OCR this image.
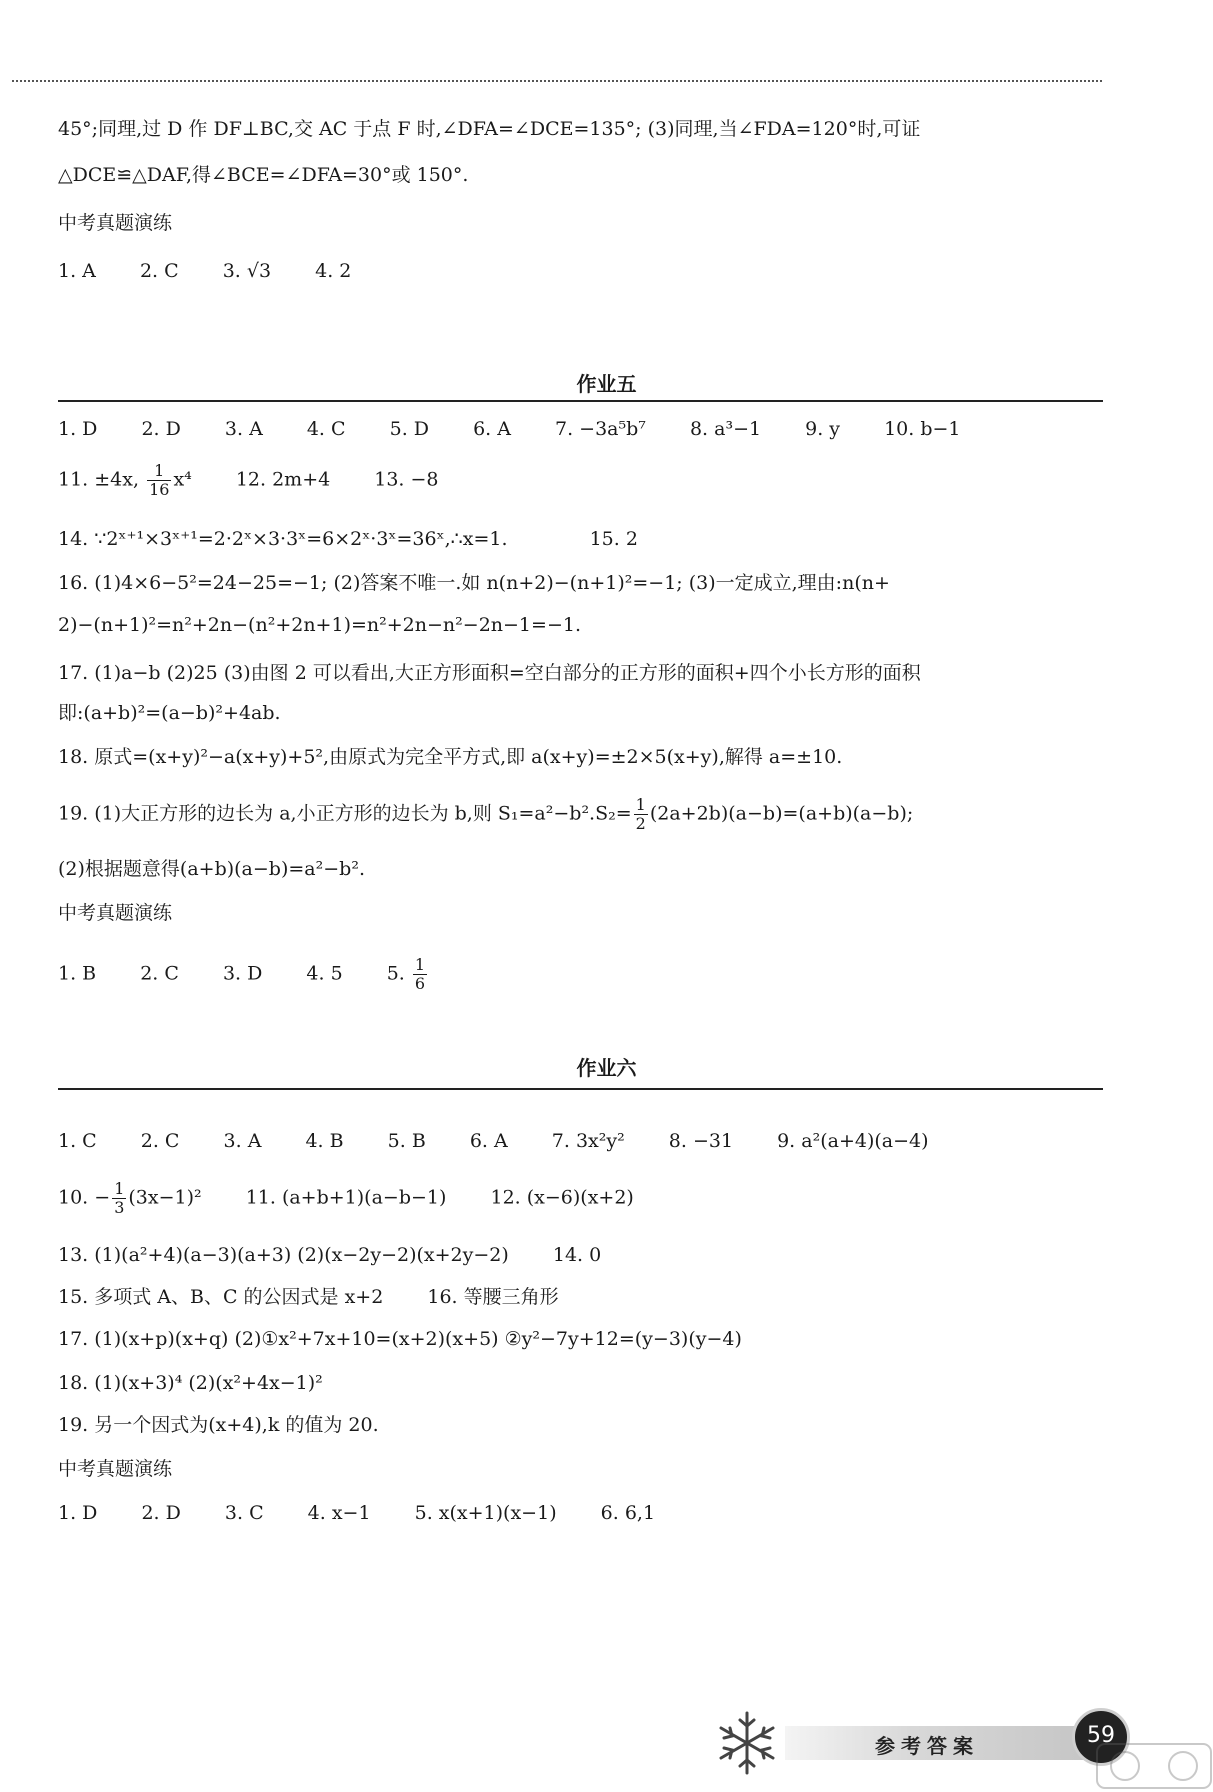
45°;同理,过 D 作 DF⊥BC,交 AC 于点 F 时,∠DFA=∠DCE=135°; (3)同理,当∠FDA=120°时,可证
△DCE≌△DAF,得∠BCE=∠DFA=30°或 150°.
中考真题演练
1. A 2. C 3. √3 4. 2
作业五
1. D 2. D 3. A 4. C 5. D 6. A 7. −3a⁵b⁷ 8. a³−1 9. y 10. b−1
11. ±4x, $\frac{1}{16} x^4$ 12. 2m+4 13. −8
14. ∵2ˣ⁺¹×3ˣ⁺¹=2·2ˣ×3·3ˣ=6×2ˣ·3ˣ=36ˣ,∴x=1.	15. 2
16. (1)4×6−5²=24−25=−1; (2)答案不唯一.如 n(n+2)−(n+1)²=−1; (3)一定成立,理由:n(n+
2)−(n+1)²=n²+2n−(n²+2n+1)=n²+2n−n²−2n−1=−1.
17. (1)a−b (2)25 (3)由图 2 可以看出,大正方形面积=空白部分的正方形的面积+四个小长方形的面积
即:(a+b)²=(a−b)²+4ab.
18. 原式=(x+y)²−a(x+y)+5²,由原式为完全平方式,即 a(x+y)=±2×5(x+y),解得 a=±10.
19. (1)大正方形的边长为 a,小正方形的边长为 b,则 $S_1=a^2-b^2.S_2= \frac{1}{2} (2a+2b)(a-b)=(a+b)(a-b)$;
(2)根据题意得(a+b)(a−b)=a²−b².
中考真题演练
1. B 2. C 3. D 4. 5 5. $\frac{1}{6}$
作业六
1. C 2. C 3. A 4. B 5. B 6. A 7. 3x²y² 8. −31 9. a²(a+4)(a−4)
10. − $\frac{1}{3} (3x-1)^2$ 11. (a+b+1)(a−b−1) 12. (x−6)(x+2)
13. (1)(a²+4)(a−3)(a+3) (2)(x−2y−2)(x+2y−2) 14. 0
15. 多项式 A、B、C 的公因式是 x+2 16. 等腰三角形
17. (1)(x+p)(x+q) (2)①x²+7x+10=(x+2)(x+5) ②y²−7y+12=(y−3)(y−4)
18. (1)(x+3)⁴ (2)(x²+4x−1)²
19. 另一个因式为(x+4),k 的值为 20.
中考真题演练
1. D 2. D 3. C 4. x−1 5. x(x+1)(x−1) 6. 6,1
参考答案	59
